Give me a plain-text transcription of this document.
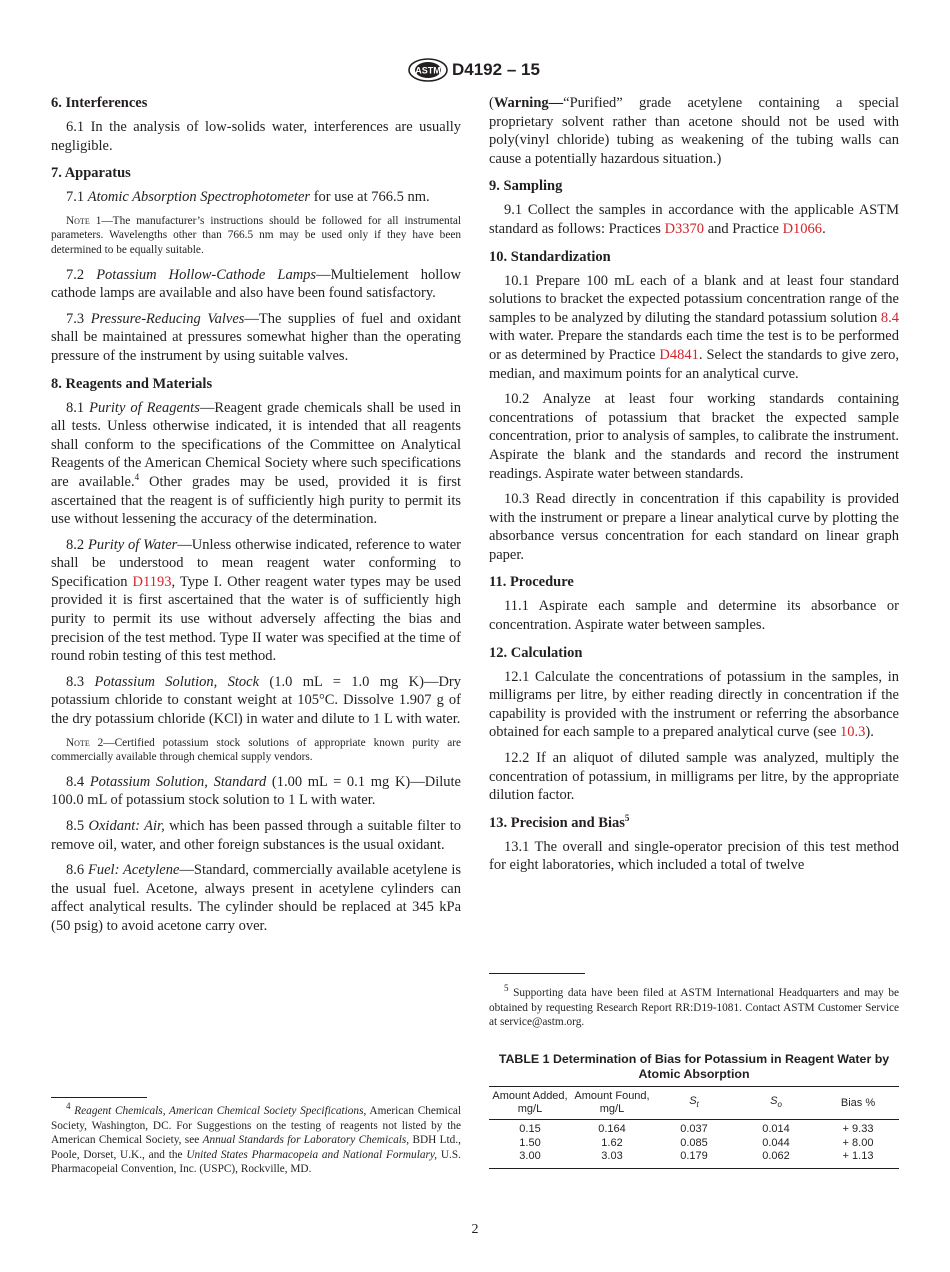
ASTM D4192 – 15
6. Interferences

6.1 In the analysis of low-solids water, interferences are usually negligible.

7. Apparatus

7.1 Atomic Absorption Spectrophotometer for use at 766.5 nm.

Note 1—The manufacturer’s instructions should be followed for all instrumental parameters. Wavelengths other than 766.5 nm may be used only if they have been determined to be equally suitable.

7.2 Potassium Hollow-Cathode Lamps—Multielement hollow cathode lamps are available and also have been found satisfactory.

7.3 Pressure-Reducing Valves—The supplies of fuel and oxidant shall be maintained at pressures somewhat higher than the operating pressure of the instrument by using suitable valves.

8. Reagents and Materials

8.1 Purity of Reagents—Reagent grade chemicals shall be used in all tests. Unless otherwise indicated, it is intended that all reagents shall conform to the specifications of the Committee on Analytical Reagents of the American Chemical Society where such specifications are available.$^4$ Other grades may be used, provided it is first ascertained that the reagent is of sufficiently high purity to permit its use without lessening the accuracy of the determination.

8.2 Purity of Water—Unless otherwise indicated, reference to water shall be understood to mean reagent water conforming to Specification D1193, Type I. Other reagent water types may be used provided it is first ascertained that the water is of sufficiently high purity to permit its use without adversely affecting the bias and precision of the test method. Type II water was specified at the time of round robin testing of this test method.

8.3 Potassium Solution, Stock (1.0 mL = 1.0 mg K)—Dry potassium chloride to constant weight at 105°C. Dissolve 1.907 g of the dry potassium chloride (KCl) in water and dilute to 1 L with water.

Note 2—Certified potassium stock solutions of appropriate known purity are commercially available through chemical supply vendors.

8.4 Potassium Solution, Standard (1.00 mL = 0.1 mg K)—Dilute 100.0 mL of potassium stock solution to 1 L with water.

8.5 Oxidant: Air, which has been passed through a suitable filter to remove oil, water, and other foreign substances is the usual oxidant.

8.6 Fuel: Acetylene—Standard, commercially available acetylene is the usual fuel. Acetone, always present in acetylene cylinders can affect analytical results. The cylinder should be replaced at 345 kPa (50 psig) to avoid acetone carry over.

$^4$ Reagent Chemicals, American Chemical Society Specifications, American Chemical Society, Washington, DC. For Suggestions on the testing of reagents not listed by the American Chemical Society, see Annual Standards for Laboratory Chemicals, BDH Ltd., Poole, Dorset, U.K., and the United States Pharmacopeia and National Formulary, U.S. Pharmacopeial Convention, Inc. (USPC), Rockville, MD.

(Warning—“Purified” grade acetylene containing a special proprietary solvent rather than acetone should not be used with poly(vinyl chloride) tubing as weakening of the tubing walls can cause a potentially hazardous situation.)

9. Sampling

9.1 Collect the samples in accordance with the applicable ASTM standard as follows: Practices D3370 and Practice D1066.

10. Standardization

10.1 Prepare 100 mL each of a blank and at least four standard solutions to bracket the expected potassium concentration range of the samples to be analyzed by diluting the standard potassium solution 8.4 with water. Prepare the standards each time the test is to be performed or as determined by Practice D4841. Select the standards to give zero, median, and maximum points for an analytical curve.

10.2 Analyze at least four working standards containing concentrations of potassium that bracket the expected sample concentration, prior to analysis of samples, to calibrate the instrument. Aspirate the blank and the standards and record the instrument readings. Aspirate water between standards.

10.3 Read directly in concentration if this capability is provided with the instrument or prepare a linear analytical curve by plotting the absorbance versus concentration for each standard on linear graph paper.

11. Procedure

11.1 Aspirate each sample and determine its absorbance or concentration. Aspirate water between samples.

12. Calculation

12.1 Calculate the concentrations of potassium in the samples, in milligrams per litre, by either reading directly in concentration if the capability is provided with the instrument or referring the absorbance obtained for each sample to a prepared analytical curve (see 10.3).

12.2 If an aliquot of diluted sample was analyzed, multiply the concentration of potassium, in milligrams per litre, by the appropriate dilution factor.

13. Precision and Bias$^5$

13.1 The overall and single-operator precision of this test method for eight laboratories, which included a total of twelve

$^5$ Supporting data have been filed at ASTM International Headquarters and may be obtained by requesting Research Report RR:D19-1081. Contact ASTM Customer Service at service@astm.org.

TABLE 1 Determination of Bias for Potassium in Reagent Water by Atomic Absorption
Amount Added, mg/L	Amount Found, mg/L	$S_t$	$S_o$	Bias %
0.15	0.164	0.037	0.014	+ 9.33
1.50	1.62	0.085	0.044	+ 8.00
3.00	3.03	0.179	0.062	+ 1.13
2
